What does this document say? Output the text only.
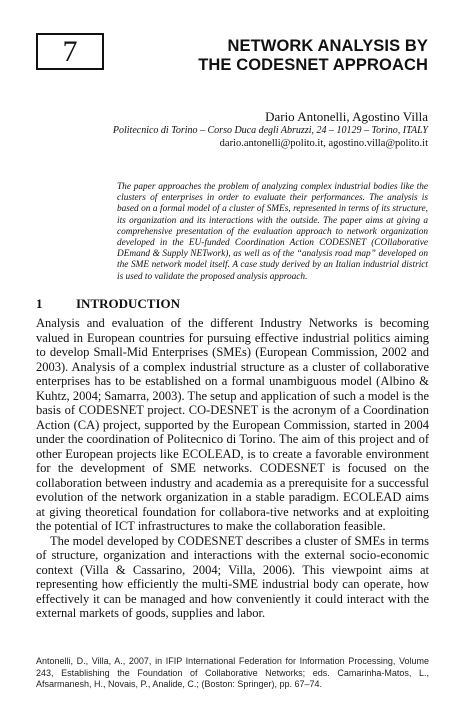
7	NETWORK ANALYSIS BY
THE CODESNET APPROACH
Dario Antonelli, Agostino Villa
Politecnico di Torino – Corso Duca degli Abruzzi, 24 – 10129 – Torino, ITALY
dario.antonelli@polito.it, agostino.villa@polito.it

The paper approaches the problem of analyzing complex industrial bodies like the clusters of enterprises in order to evaluate their performances. The analysis is based on a formal model of a cluster of SMEs, represented in terms of its structure, its organization and its interactions with the outside. The paper aims at giving a comprehensive presentation of the evaluation approach to network organization developed in the EU-funded Coordination Action CODESNET (COllaborative DEmand & Supply NETwork), as well as of the “analysis road map” developed on the SME network model itself. A case study derived by an Italian industrial district is used to validate the proposed analysis approach.

1	INTRODUCTION

Analysis and evaluation of the different Industry Networks is becoming valued in European countries for pursuing effective industrial politics aiming to develop Small-Mid Enterprises (SMEs) (European Commission, 2002 and 2003). Analysis of a complex industrial structure as a cluster of collaborative enterprises has to be established on a formal unambiguous model (Albino & Kuhtz, 2004; Samarra, 2003). The setup and application of such a model is the basis of CODESNET project. CO-DESNET is the acronym of a Coordination Action (CA) project, supported by the European Commission, started in 2004 under the coordination of Politecnico di Torino. The aim of this project and of other European projects like ECOLEAD, is to create a favorable environment for the development of SME networks. CODESNET is focused on the collaboration between industry and academia as a prerequisite for a successful evolution of the network organization in a stable paradigm. ECOLEAD aims at giving theoretical foundation for collabora-tive networks and at exploiting the potential of ICT infrastructures to make the collaboration feasible.

The model developed by CODESNET describes a cluster of SMEs in terms of structure, organization and interactions with the external socio-economic context (Villa & Cassarino, 2004; Villa, 2006). This viewpoint aims at representing how efficiently the multi-SME industrial body can operate, how effectively it can be managed and how conveniently it could interact with the external markets of goods, supplies and labor.

Antonelli, D., Villa, A., 2007, in IFIP International Federation for Information Processing, Volume 243, Establishing the Foundation of Collaborative Networks; eds. Camarinha-Matos, L., Afsarmanesh, H., Novais, P., Analide, C.; (Boston: Springer), pp. 67–74.
